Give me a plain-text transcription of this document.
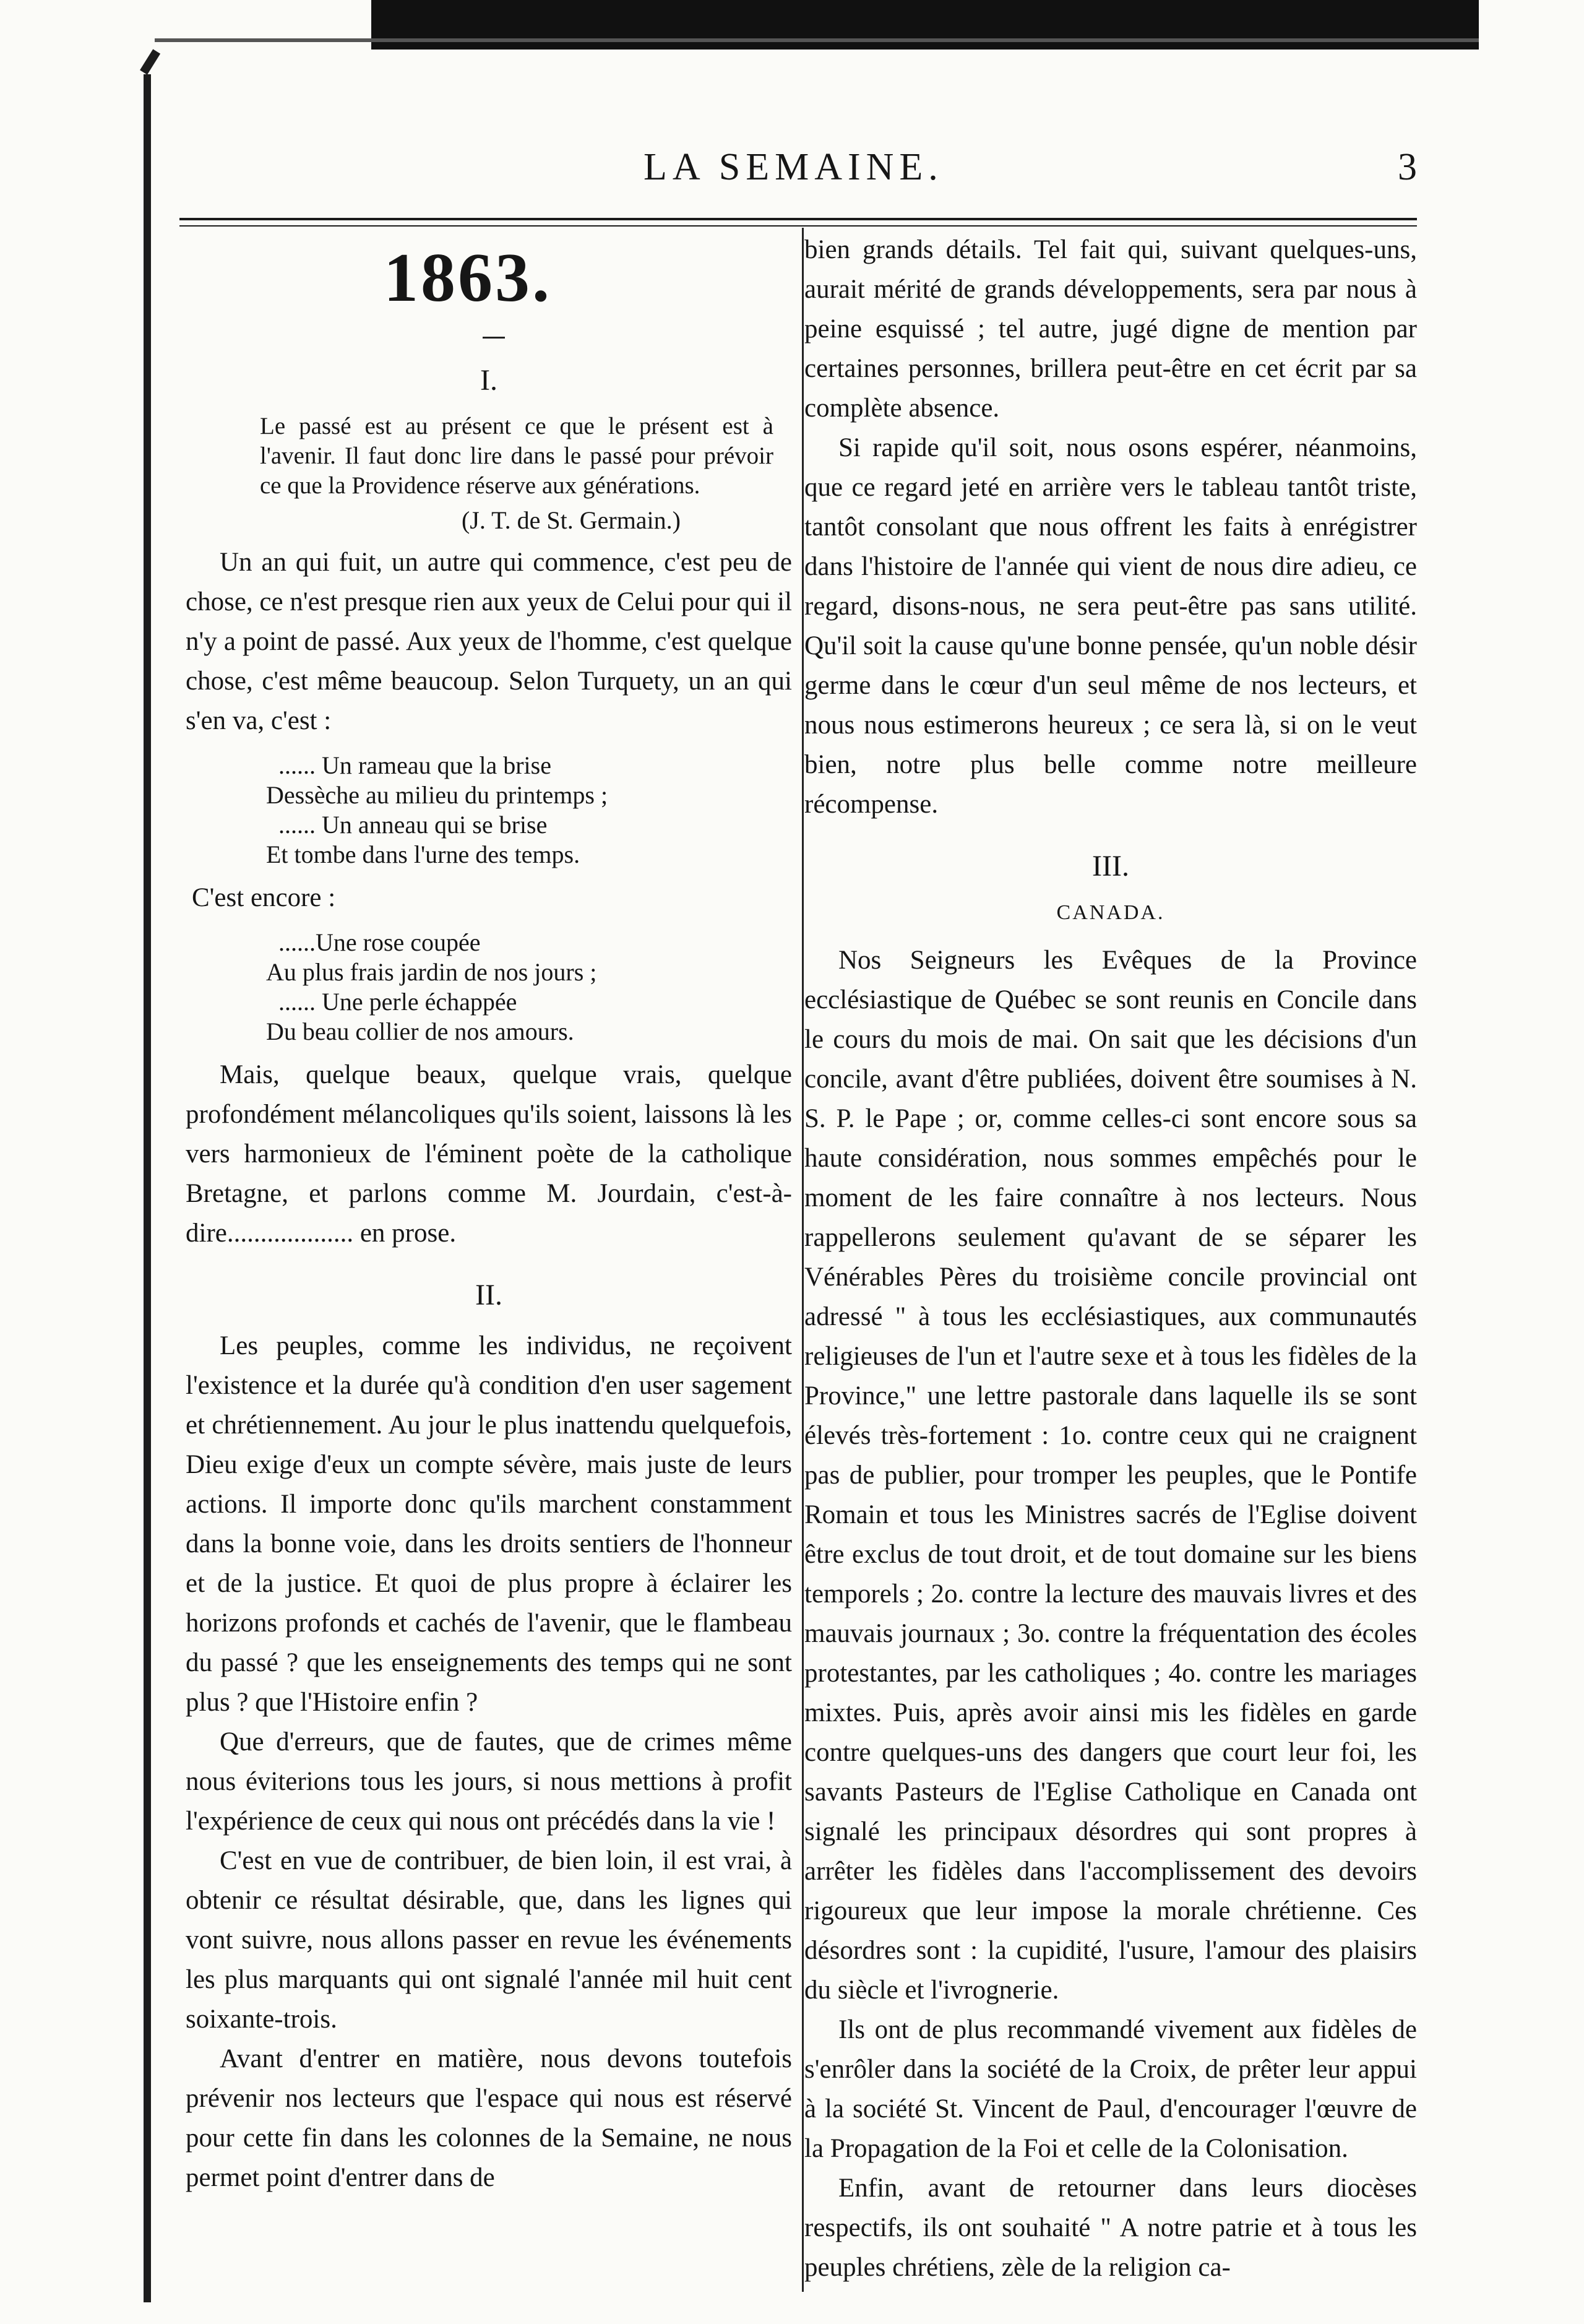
LA SEMAINE.	3
1863.
I.

Le passé est au présent ce que le présent est à l'avenir. Il faut donc lire dans le passé pour prévoir ce que la Providence réserve aux générations.

(J. T. de St. Germain.)

Un an qui fuit, un autre qui commence, c'est peu de chose, ce n'est presque rien aux yeux de Celui pour qui il n'y a point de passé. Aux yeux de l'homme, c'est quelque chose, c'est même beaucoup. Selon Turquety, un an qui s'en va, c'est :

...... Un rameau que la brise
Dessèche au milieu du printemps ;
...... Un anneau qui se brise
Et tombe dans l'urne des temps.

C'est encore :

......Une rose coupée
Au plus frais jardin de nos jours ;
...... Une perle échappée
Du beau collier de nos amours.

Mais, quelque beaux, quelque vrais, quelque profondément mélancoliques qu'ils soient, laissons là les vers harmonieux de l'éminent poète de la catholique Bretagne, et parlons comme M. Jourdain, c'est-à-dire................... en prose.

II.

Les peuples, comme les individus, ne reçoivent l'existence et la durée qu'à condition d'en user sagement et chrétiennement. Au jour le plus inattendu quelquefois, Dieu exige d'eux un compte sévère, mais juste de leurs actions. Il importe donc qu'ils marchent constamment dans la bonne voie, dans les droits sentiers de l'honneur et de la justice. Et quoi de plus propre à éclairer les horizons profonds et cachés de l'avenir, que le flambeau du passé ? que les enseignements des temps qui ne sont plus ? que l'Histoire enfin ?

Que d'erreurs, que de fautes, que de crimes même nous éviterions tous les jours, si nous mettions à profit l'expérience de ceux qui nous ont précédés dans la vie !

C'est en vue de contribuer, de bien loin, il est vrai, à obtenir ce résultat désirable, que, dans les lignes qui vont suivre, nous allons passer en revue les événements les plus marquants qui ont signalé l'année mil huit cent soixante-trois.

Avant d'entrer en matière, nous devons toutefois prévenir nos lecteurs que l'espace qui nous est réservé pour cette fin dans les colonnes de la Semaine, ne nous permet point d'entrer dans de

bien grands détails. Tel fait qui, suivant quelques-uns, aurait mérité de grands développements, sera par nous à peine esquissé ; tel autre, jugé digne de mention par certaines personnes, brillera peut-être en cet écrit par sa complète absence.

Si rapide qu'il soit, nous osons espérer, néanmoins, que ce regard jeté en arrière vers le tableau tantôt triste, tantôt consolant que nous offrent les faits à enrégistrer dans l'histoire de l'année qui vient de nous dire adieu, ce regard, disons-nous, ne sera peut-être pas sans utilité. Qu'il soit la cause qu'une bonne pensée, qu'un noble désir germe dans le cœur d'un seul même de nos lecteurs, et nous nous estimerons heureux ; ce sera là, si on le veut bien, notre plus belle comme notre meilleure récompense.

III.
CANADA.

Nos Seigneurs les Evêques de la Province ecclésiastique de Québec se sont reunis en Concile dans le cours du mois de mai. On sait que les décisions d'un concile, avant d'être publiées, doivent être soumises à N. S. P. le Pape ; or, comme celles-ci sont encore sous sa haute considération, nous sommes empêchés pour le moment de les faire connaître à nos lecteurs. Nous rappellerons seulement qu'avant de se séparer les Vénérables Pères du troisième concile provincial ont adressé " à tous les ecclésiastiques, aux communautés religieuses de l'un et l'autre sexe et à tous les fidèles de la Province," une lettre pastorale dans laquelle ils se sont élevés très-fortement : 1o. contre ceux qui ne craignent pas de publier, pour tromper les peuples, que le Pontife Romain et tous les Ministres sacrés de l'Eglise doivent être exclus de tout droit, et de tout domaine sur les biens temporels ; 2o. contre la lecture des mauvais livres et des mauvais journaux ; 3o. contre la fréquentation des écoles protestantes, par les catholiques ; 4o. contre les mariages mixtes. Puis, après avoir ainsi mis les fidèles en garde contre quelques-uns des dangers que court leur foi, les savants Pasteurs de l'Eglise Catholique en Canada ont signalé les principaux désordres qui sont propres à arrêter les fidèles dans l'accomplissement des devoirs rigoureux que leur impose la morale chrétienne. Ces désordres sont : la cupidité, l'usure, l'amour des plaisirs du siècle et l'ivrognerie.

Ils ont de plus recommandé vivement aux fidèles de s'enrôler dans la société de la Croix, de prêter leur appui à la société St. Vincent de Paul, d'encourager l'œuvre de la Propagation de la Foi et celle de la Colonisation.

Enfin, avant de retourner dans leurs diocèses respectifs, ils ont souhaité " A notre patrie et à tous les peuples chrétiens, zèle de la religion ca-
